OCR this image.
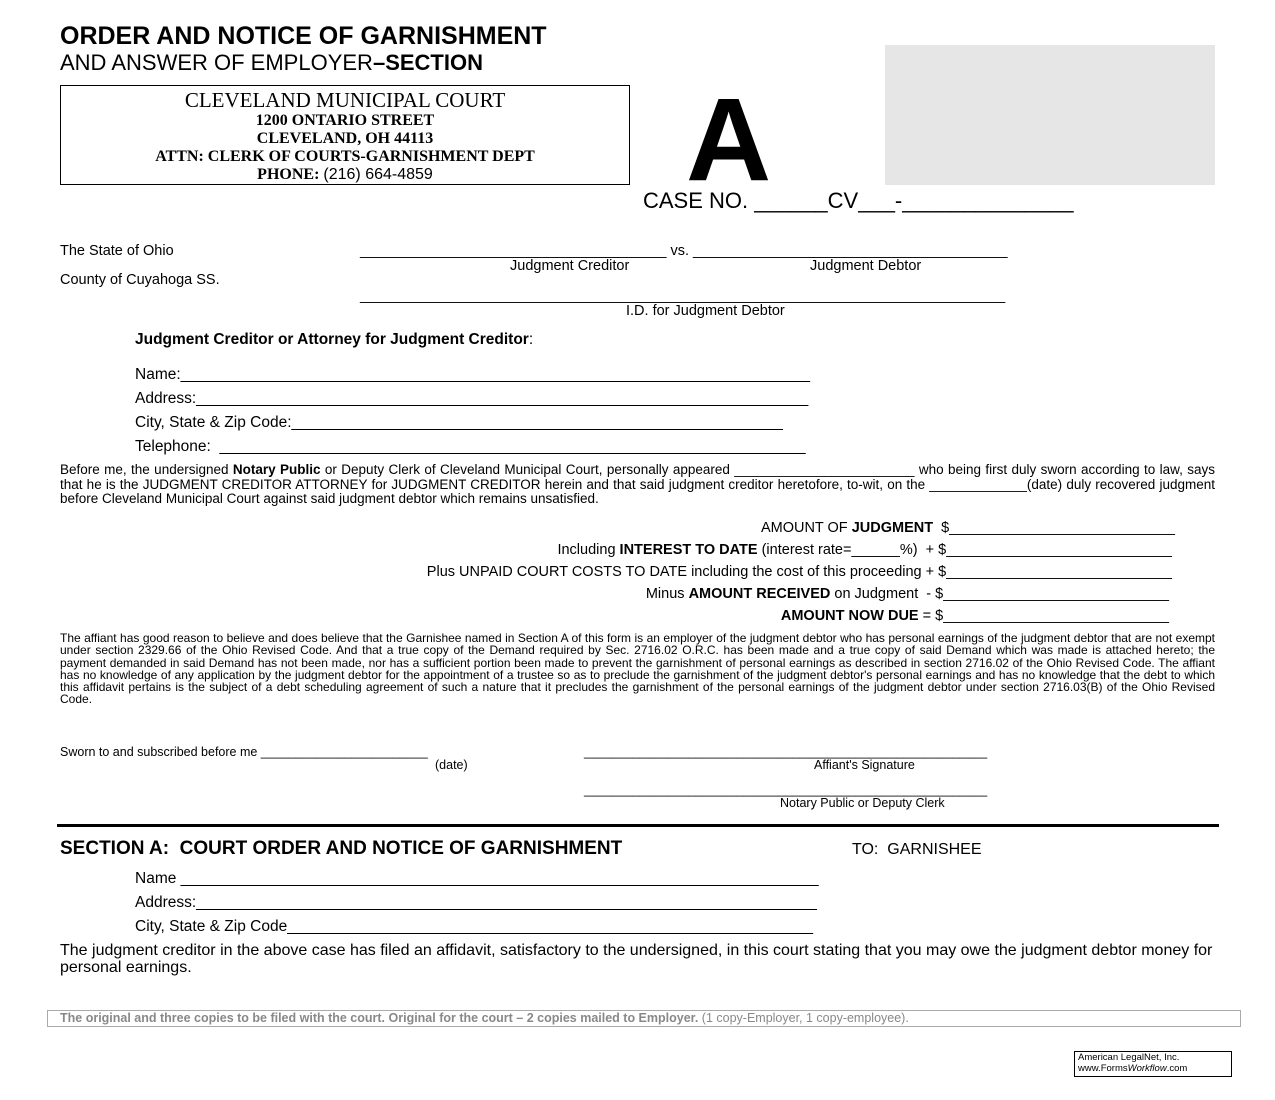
ORDER AND NOTICE OF GARNISHMENT
AND ANSWER OF EMPLOYER–SECTION
CLEVELAND MUNICIPAL COURT
1200 ONTARIO STREET
CLEVELAND, OH 44113
ATTN: CLERK OF COURTS-GARNISHMENT DEPT
PHONE: (216) 664-4859	A
CASE NO. ______CV___-______________
The State of Ohio
County of Cuyahoga SS.
______________________________________ vs. _______________________________________
Judgment Creditor	Judgment Debtor
________________________________________________________________________________
I.D. for Judgment Debtor
Judgment Creditor or Attorney for Judgment Creditor:
Name:_________________________________________________________________________
Address:_______________________________________________________________________
City, State & Zip Code:_________________________________________________________
Telephone:  ____________________________________________________________________
Before me, the undersigned Notary Public or Deputy Clerk of Cleveland Municipal Court, personally appeared ________________________ who being first duly sworn according to law, says that he is the JUDGMENT CREDITOR ATTORNEY for JUDGMENT CREDITOR herein and that said judgment creditor heretofore, to-wit, on the _____________(date) duly recovered judgment before Cleveland Municipal Court against said judgment debtor which remains unsatisfied.
AMOUNT OF JUDGMENT  $____________________________
Including INTEREST TO DATE (interest rate=______%)  + $____________________________
Plus UNPAID COURT COSTS TO DATE including the cost of this proceeding + $____________________________
Minus AMOUNT RECEIVED on Judgment  - $____________________________
AMOUNT NOW DUE = $____________________________
The affiant has good reason to believe and does believe that the Garnishee named in Section A of this form is an employer of the judgment debtor who has personal earnings of the judgment debtor that are not exempt under section 2329.66 of the Ohio Revised Code. And that a true copy of the Demand required by Sec. 2716.02 O.R.C. has been made and a true copy of said Demand which was made is attached hereto; the payment demanded in said Demand has not been made, nor has a sufficient portion been made to prevent the garnishment of personal earnings as described in section 2716.02 of the Ohio Revised Code. The affiant has no knowledge of any application by the judgment debtor for the appointment of a trustee so as to preclude the garnishment of the judgment debtor's personal earnings and has no knowledge that the debt to which this affidavit pertains is the subject of a debt scheduling agreement of such a nature that it precludes the garnishment of the personal earnings of the judgment debtor under section 2716.03(B) of the Ohio Revised Code.
Sworn to and subscribed before me ________________________
(date)
__________________________________________________________
Affiant's Signature
__________________________________________________________
Notary Public or Deputy Clerk
SECTION A:  COURT ORDER AND NOTICE OF GARNISHMENT	TO:  GARNISHEE
Name __________________________________________________________________________
Address:________________________________________________________________________
City, State & Zip Code_____________________________________________________________
The judgment creditor in the above case has filed an affidavit, satisfactory to the undersigned, in this court stating that you may owe the judgment debtor money for personal earnings.
The original and three copies to be filed with the court. Original for the court – 2 copies mailed to Employer. (1 copy-Employer, 1 copy-employee).
American LegalNet, Inc.
www.FormsWorkflow.com
